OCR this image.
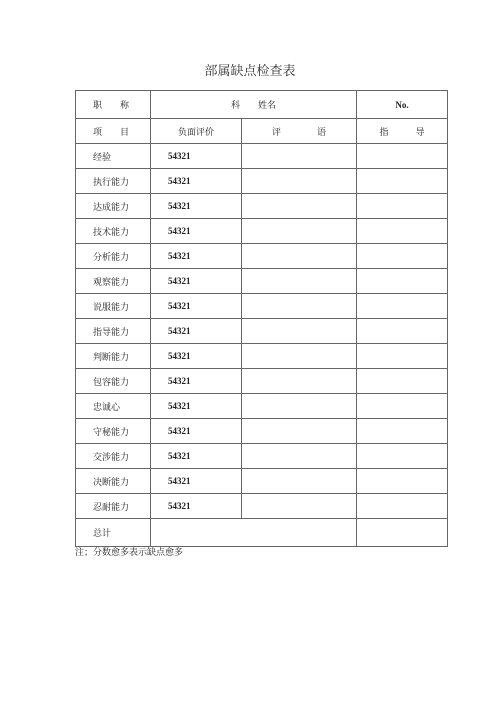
部属缺点检查表
职　　称	科　　姓名		No.
项　　目	负面评价	评　　　　语	指　　　导
经验	54321		
执行能力	54321		
达成能力	54321		
技术能力	54321		
分析能力	54321		
观察能力	54321		
说服能力	54321		
指导能力	54321		
判断能力	54321		
包容能力	54321		
忠诚心	54321		
守秘能力	54321		
交涉能力	54321		
决断能力	54321		
忍耐能力	54321		
总计			
注；分数愈多表示缺点愈多
